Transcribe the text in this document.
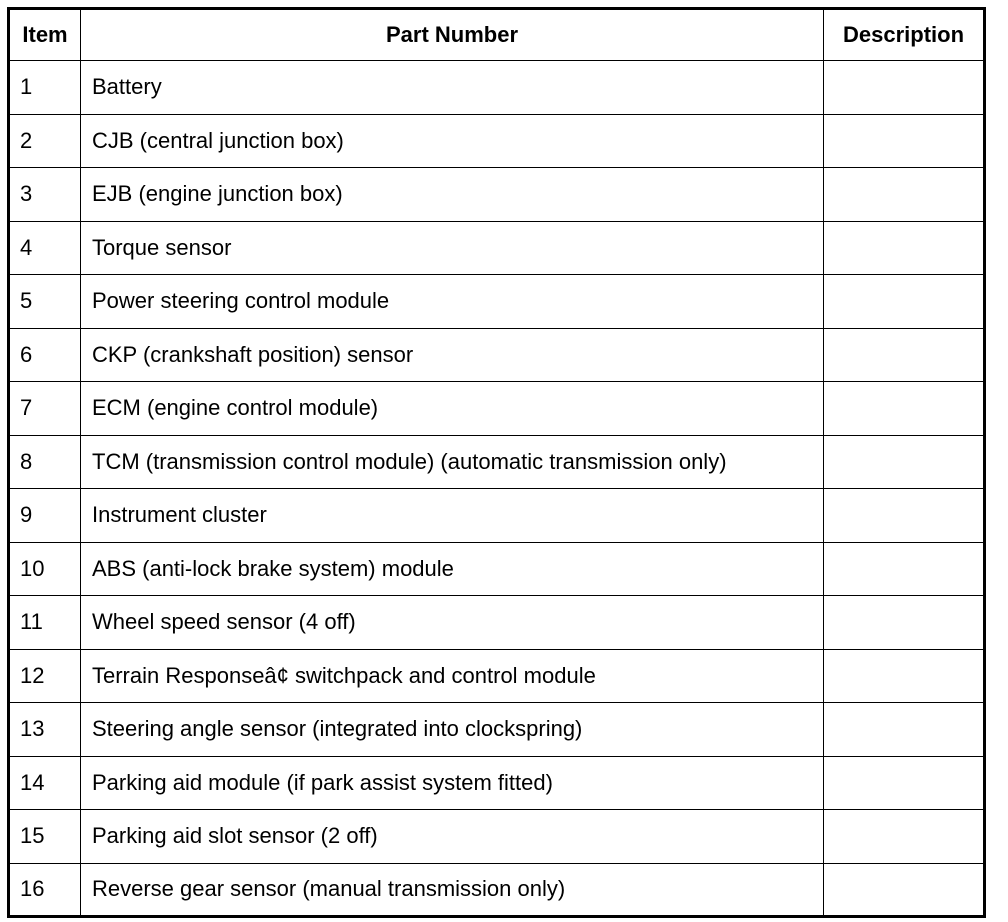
Item	Part Number	Description
1	Battery	
2	CJB (central junction box)	
3	EJB (engine junction box)	
4	Torque sensor	
5	Power steering control module	
6	CKP (crankshaft position) sensor	
7	ECM (engine control module)	
8	TCM (transmission control module) (automatic transmission only)	
9	Instrument cluster	
10	ABS (anti-lock brake system) module	
11	Wheel speed sensor (4 off)	
12	Terrain Responseâ¢ switchpack and control module	
13	Steering angle sensor (integrated into clockspring)	
14	Parking aid module (if park assist system fitted)	
15	Parking aid slot sensor (2 off)	
16	Reverse gear sensor (manual transmission only)	
